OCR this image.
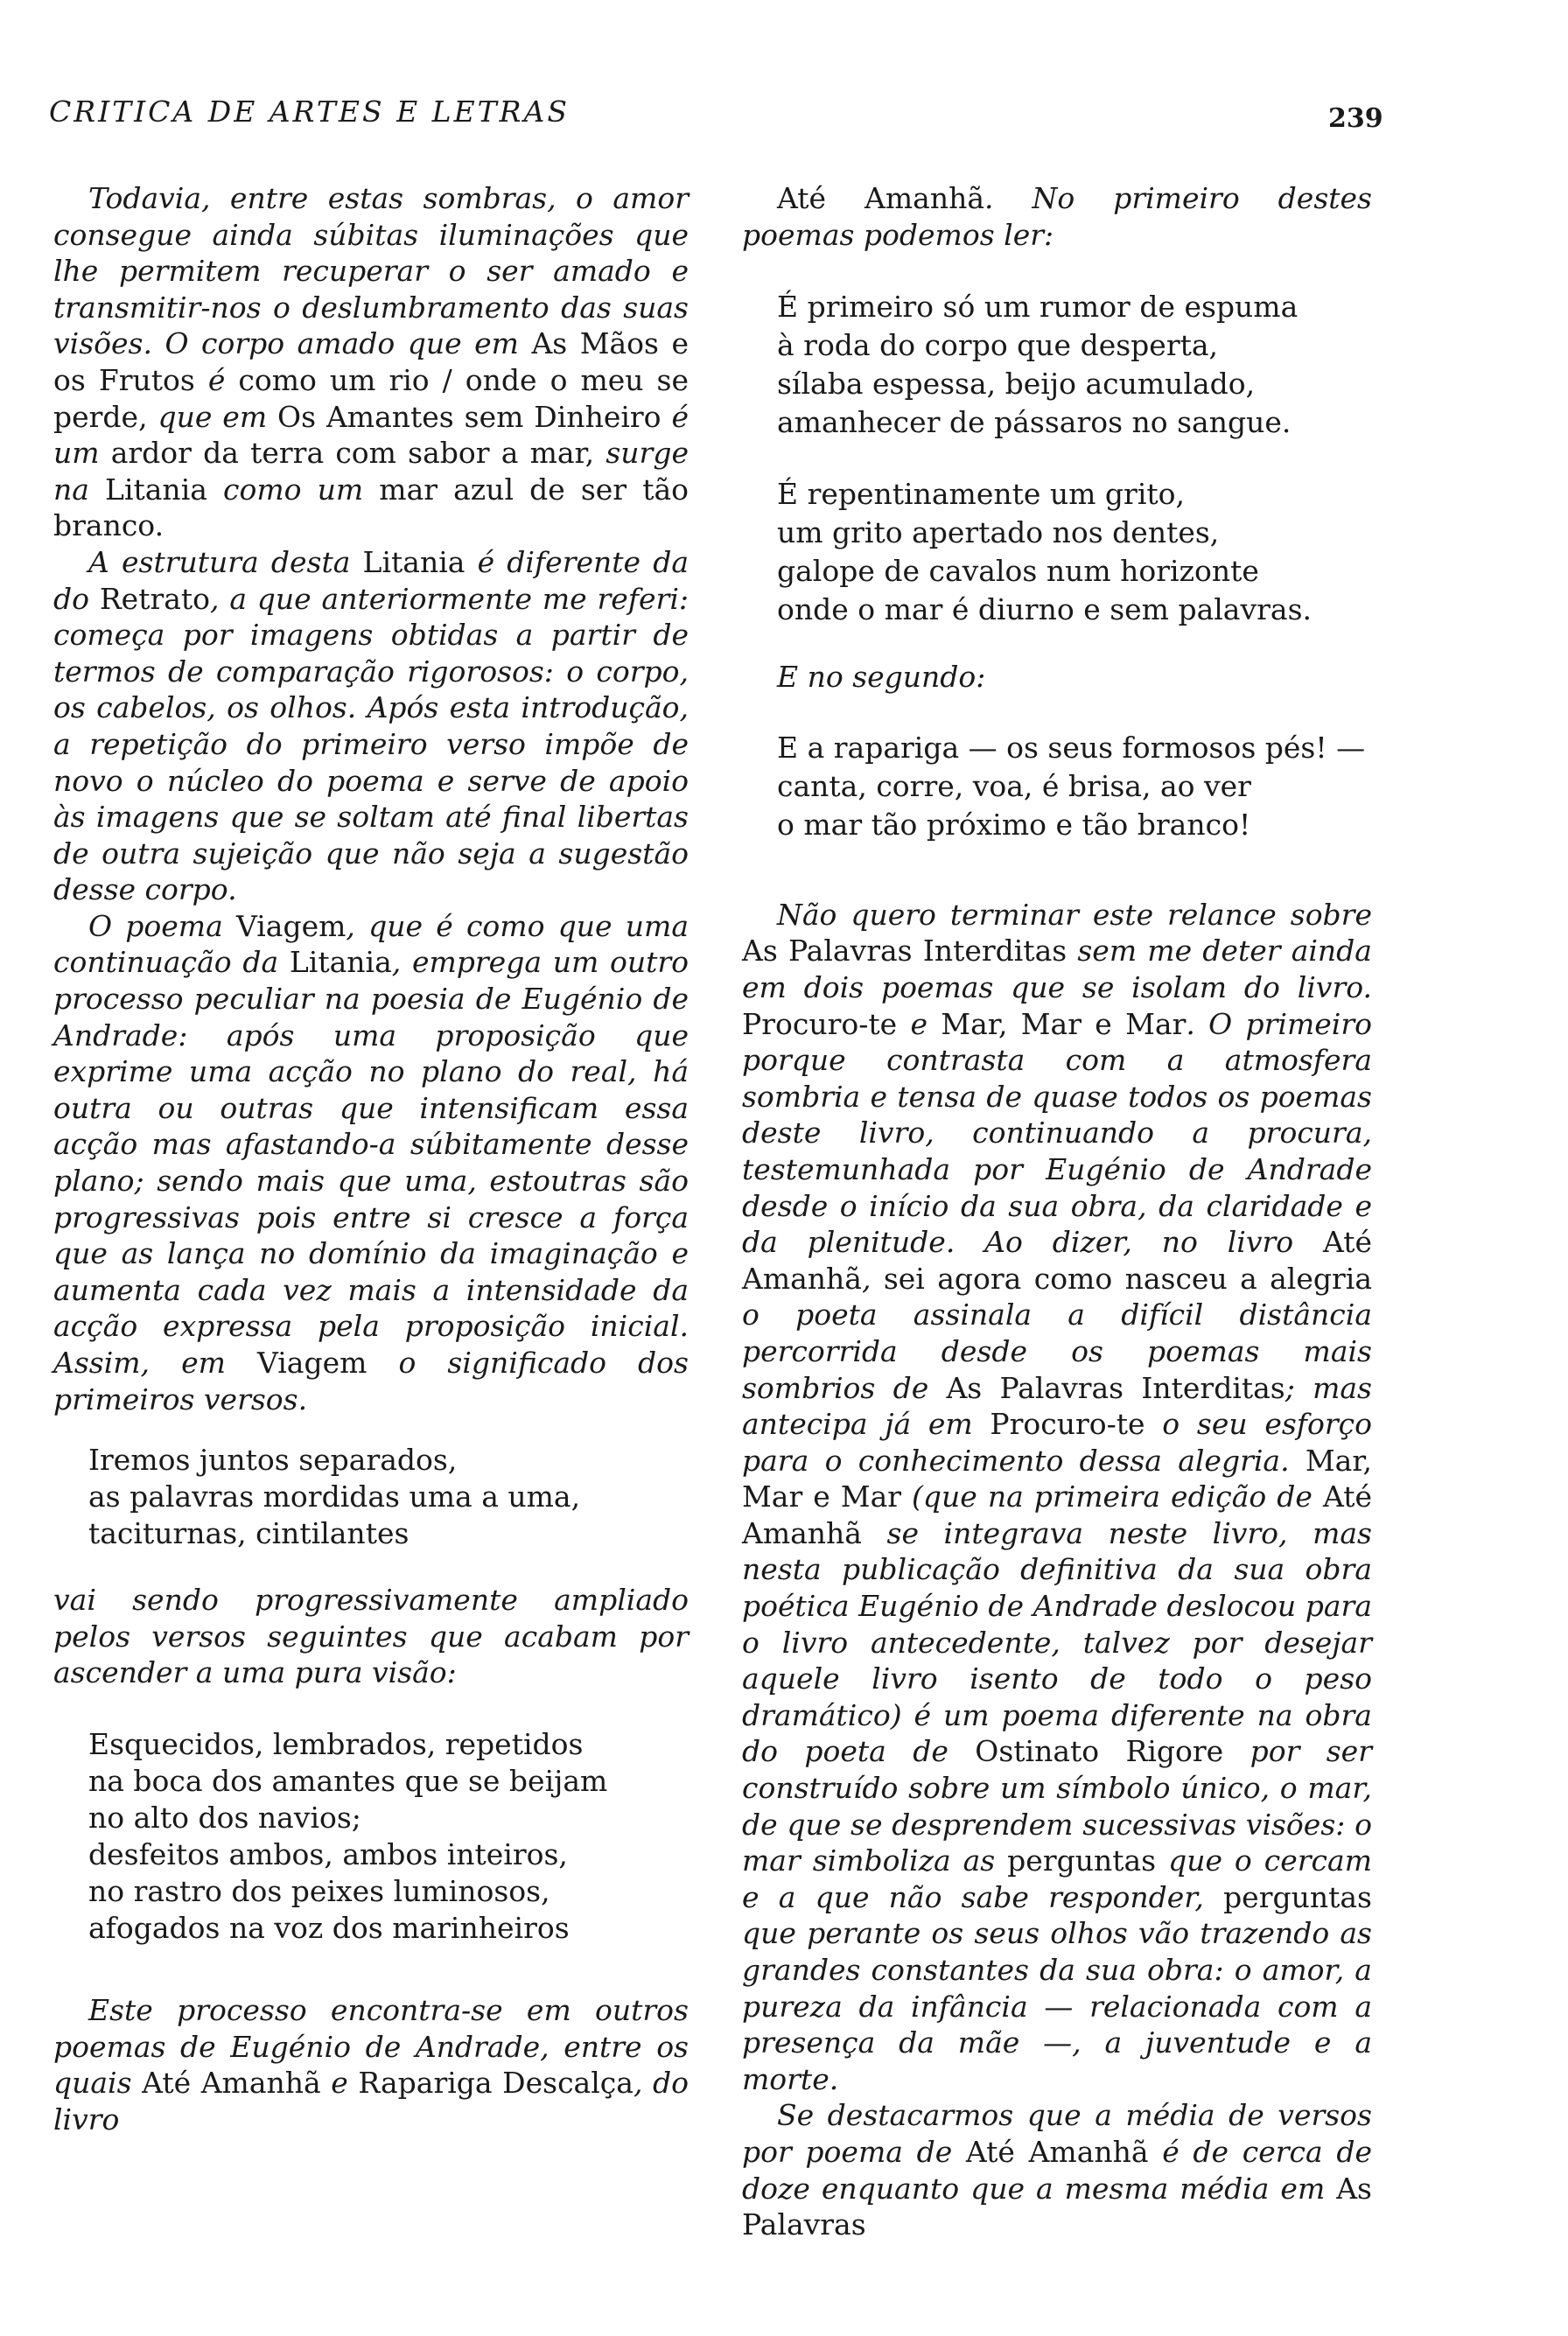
CRITICA DE ARTES E LETRAS	239

Todavia, entre estas sombras, o amor consegue ainda súbitas iluminações que lhe permitem recuperar o ser amado e transmitir-nos o deslumbramento das suas visões. O corpo amado que em As Mãos e os Frutos é como um rio / onde o meu se perde, que em Os Amantes sem Dinheiro é um ardor da terra com sabor a mar, surge na Litania como um mar azul de ser tão branco.

A estrutura desta Litania é diferente da do Retrato, a que anteriormente me referi: começa por imagens obtidas a partir de termos de comparação rigorosos: o corpo, os cabelos, os olhos. Após esta introdução, a repetição do primeiro verso impõe de novo o núcleo do poema e serve de apoio às imagens que se soltam até final libertas de outra sujeição que não seja a sugestão desse corpo.

O poema Viagem, que é como que uma continuação da Litania, emprega um outro processo peculiar na poesia de Eugénio de Andrade: após uma proposição que exprime uma acção no plano do real, há outra ou outras que intensificam essa acção mas afastando-a súbitamente desse plano; sendo mais que uma, estoutras são progressivas pois entre si cresce a força que as lança no domínio da imaginação e aumenta cada vez mais a intensidade da acção expressa pela proposição inicial. Assim, em Viagem o significado dos primeiros versos.

Iremos juntos separados,
as palavras mordidas uma a uma,
taciturnas, cintilantes

vai sendo progressivamente ampliado pelos versos seguintes que acabam por ascender a uma pura visão:

Esquecidos, lembrados, repetidos
na boca dos amantes que se beijam
no alto dos navios;
desfeitos ambos, ambos inteiros,
no rastro dos peixes luminosos,
afogados na voz dos marinheiros

Este processo encontra-se em outros poemas de Eugénio de Andrade, entre os quais Até Amanhã e Rapariga Descalça, do livro

Até Amanhã. No primeiro destes poemas podemos ler:

É primeiro só um rumor de espuma
à roda do corpo que desperta,
sílaba espessa, beijo acumulado,
amanhecer de pássaros no sangue.
É repentinamente um grito,
um grito apertado nos dentes,
galope de cavalos num horizonte
onde o mar é diurno e sem palavras.

E no segundo:

E a rapariga — os seus formosos pés! —
canta, corre, voa, é brisa, ao ver
o mar tão próximo e tão branco!

Não quero terminar este relance sobre As Palavras Interditas sem me deter ainda em dois poemas que se isolam do livro. Procuro-te e Mar, Mar e Mar. O primeiro porque contrasta com a atmosfera sombria e tensa de quase todos os poemas deste livro, continuando a procura, testemunhada por Eugénio de Andrade desde o início da sua obra, da claridade e da plenitude. Ao dizer, no livro Até Amanhã, sei agora como nasceu a alegria o poeta assinala a difícil distância percorrida desde os poemas mais sombrios de As Palavras Interditas; mas antecipa já em Procuro-te o seu esforço para o conhecimento dessa alegria. Mar, Mar e Mar (que na primeira edição de Até Amanhã se integrava neste livro, mas nesta publicação definitiva da sua obra poética Eugénio de Andrade deslocou para o livro antecedente, talvez por desejar aquele livro isento de todo o peso dramático) é um poema diferente na obra do poeta de Ostinato Rigore por ser construído sobre um símbolo único, o mar, de que se desprendem sucessivas visões: o mar simboliza as perguntas que o cercam e a que não sabe responder, perguntas que perante os seus olhos vão trazendo as grandes constantes da sua obra: o amor, a pureza da infância — relacionada com a presença da mãe —, a juventude e a morte.

Se destacarmos que a média de versos por poema de Até Amanhã é de cerca de doze enquanto que a mesma média em As Palavras
